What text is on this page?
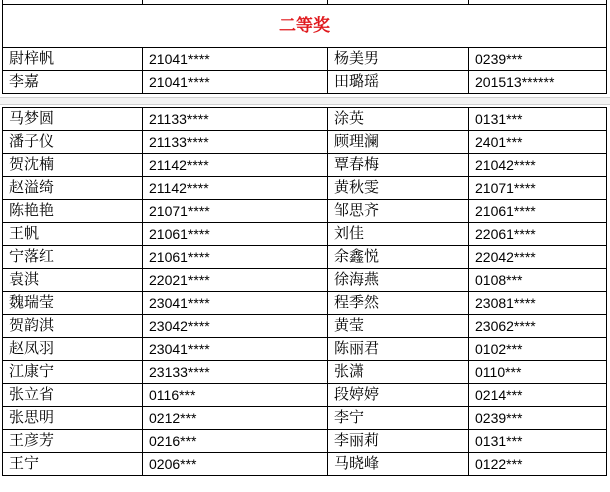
二等奖			
尉梓帆	21041****	杨美男	0239***
李嘉	21041****	田璐瑶	201513******
马梦圆	21133****	涂英	0131***
潘子仪	21133****	顾理澜	2401***
贺沈楠	21142****	覃春梅	21042****
赵溢绮	21142****	黄秋雯	21071****
陈艳艳	21071****	邹思齐	21061****
王帆	21061****	刘佳	22061****
宁落红	21061****	余鑫悦	22042****
袁淇	22021****	徐海燕	0108***
魏瑞莹	23041****	程季然	23081****
贺韵淇	23042****	黄莹	23062****
赵凤羽	23041****	陈丽君	0102***
江康宁	23133****	张潇	0110***
张立省	0116***	段婷婷	0214***
张思明	0212***	李宁	0239***
王彦芳	0216***	李丽莉	0131***
王宁	0206***	马晓峰	0122***
